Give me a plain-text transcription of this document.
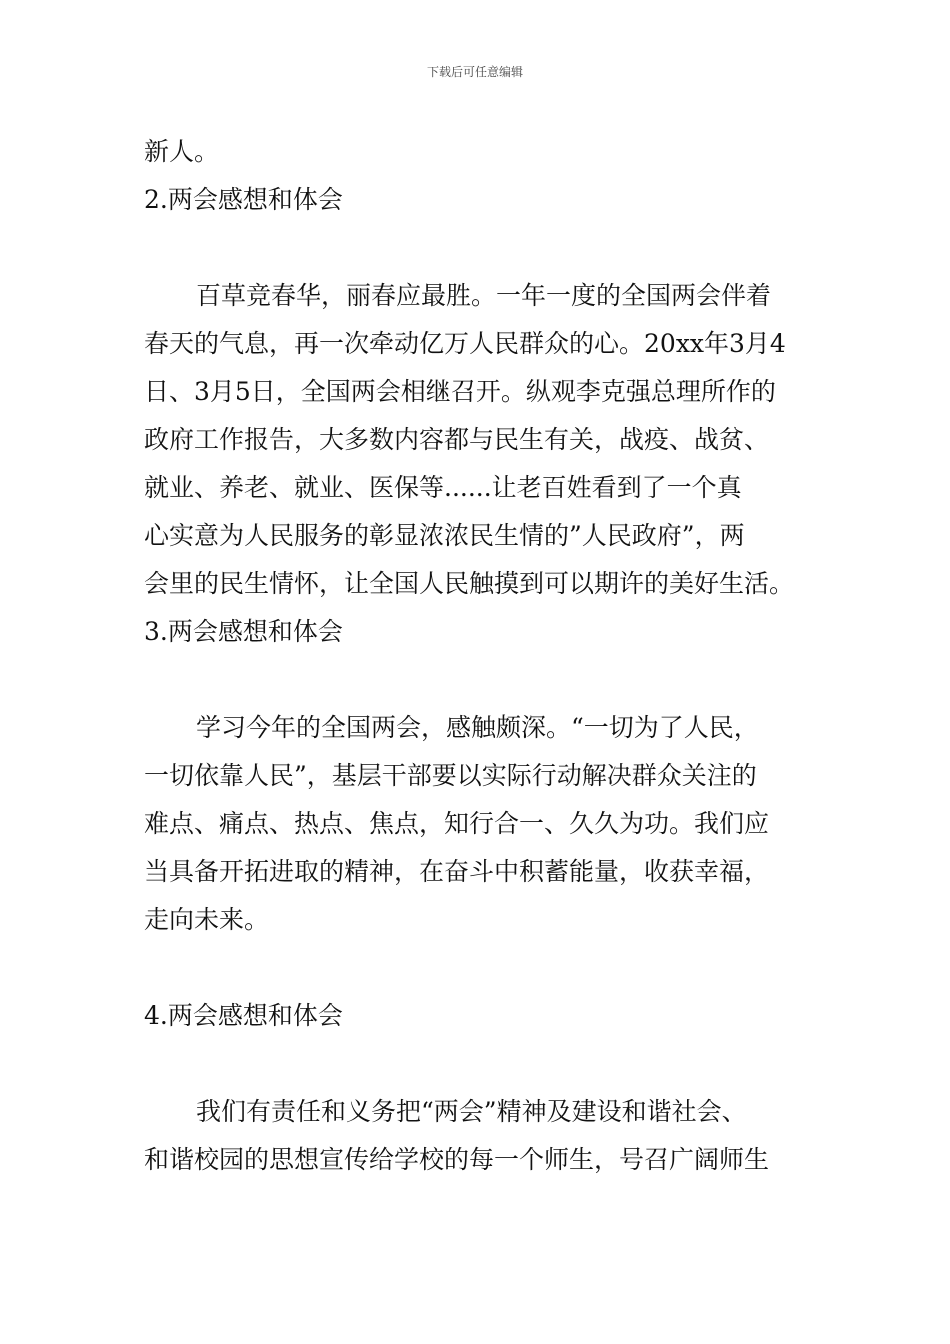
下载后可任意编辑
新人。
2.两会感想和体会
百草竞春华，丽春应最胜。一年一度的全国两会伴着
春天的气息，再一次牵动亿万人民群众的心。20xx年3月4
日、3月5日，全国两会相继召开。纵观李克强总理所作的
政府工作报告，大多数内容都与民生有关，战疫、战贫、
就业、养老、就业、医保等......让老百姓看到了一个真
心实意为人民服务的彰显浓浓民生情的”人民政府”，两
会里的民生情怀，让全国人民触摸到可以期许的美好生活。
3.两会感想和体会
学习今年的全国两会，感触颇深。“一切为了人民，
一切依靠人民”，基层干部要以实际行动解决群众关注的
难点、痛点、热点、焦点，知行合一、久久为功。我们应
当具备开拓进取的精神，在奋斗中积蓄能量，收获幸福，
走向未来。
4.两会感想和体会
我们有责任和义务把“两会”精神及建设和谐社会、
和谐校园的思想宣传给学校的每一个师生，号召广阔师生
